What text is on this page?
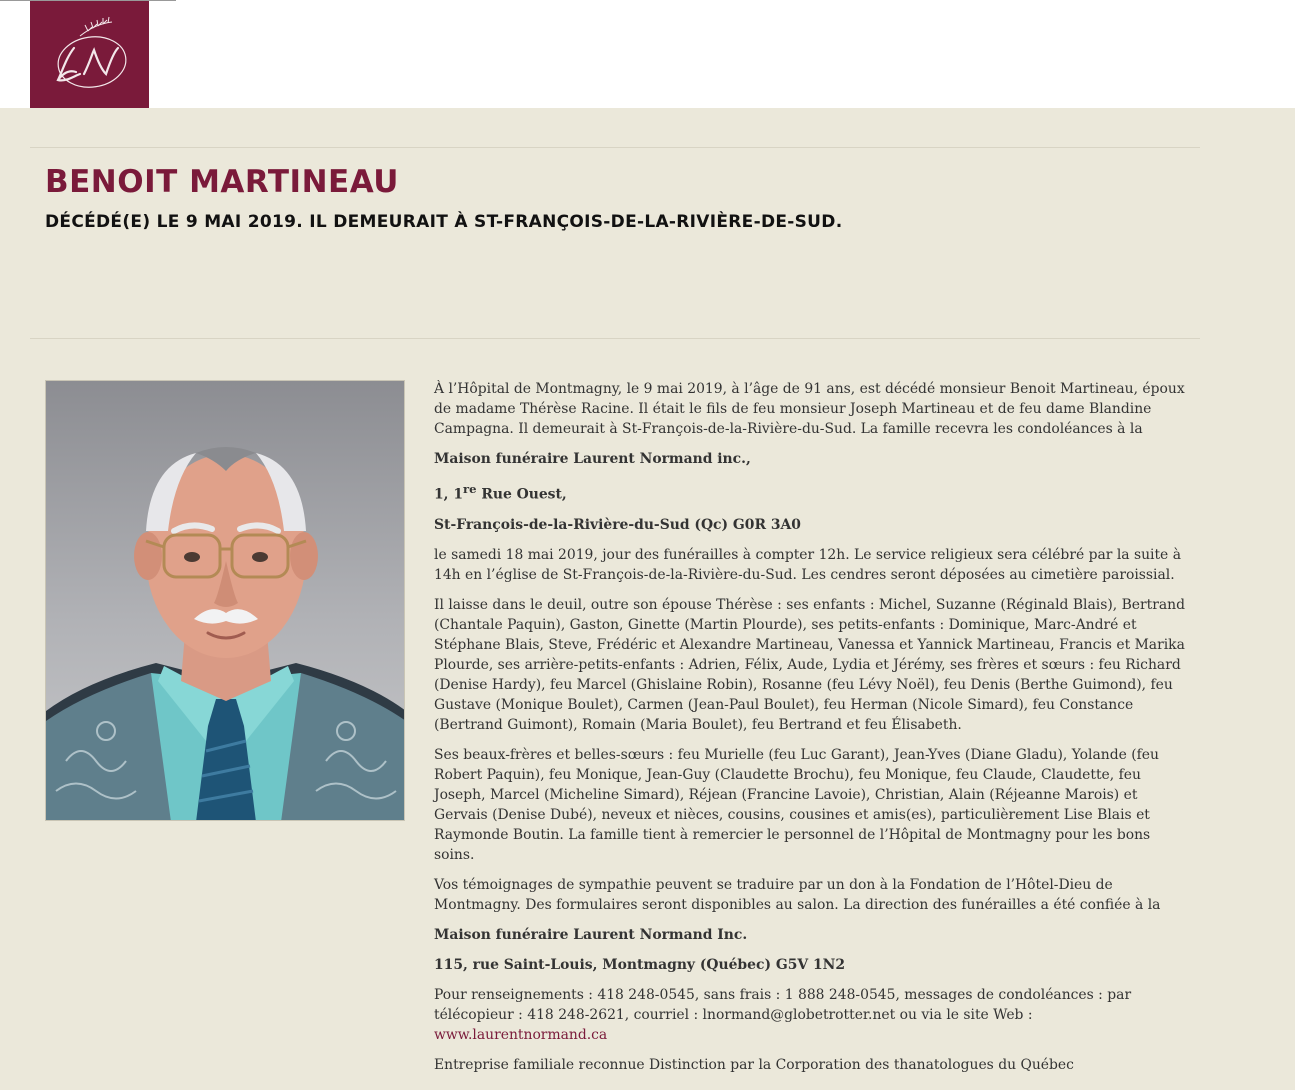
BENOIT MARTINEAU
DÉCÉDÉ(E) LE 9 MAI 2019. IL DEMEURAIT À ST-FRANÇOIS-DE-LA-RIVIÈRE-DE-SUD.

À l’Hôpital de Montmagny, le 9 mai 2019, à l’âge de 91 ans, est décédé monsieur Benoit Martineau, époux de madame Thérèse Racine. Il était le fils de feu monsieur Joseph Martineau et de feu dame Blandine Campagna. Il demeurait à St-François-de-la-Rivière-du-Sud. La famille recevra les condoléances à la

Maison funéraire Laurent Normand inc.,

1, 1re Rue Ouest,

St-François-de-la-Rivière-du-Sud (Qc) G0R 3A0

le samedi 18 mai 2019, jour des funérailles à compter 12h. Le service religieux sera célébré par la suite à 14h en l’église de St-François-de-la-Rivière-du-Sud. Les cendres seront déposées au cimetière paroissial.

Il laisse dans le deuil, outre son épouse Thérèse : ses enfants : Michel, Suzanne (Réginald Blais), Bertrand (Chantale Paquin), Gaston, Ginette (Martin Plourde), ses petits-enfants : Dominique, Marc-André et Stéphane Blais, Steve, Frédéric et Alexandre Martineau, Vanessa et Yannick Martineau, Francis et Marika Plourde, ses arrière-petits-enfants : Adrien, Félix, Aude, Lydia et Jérémy, ses frères et sœurs : feu Richard (Denise Hardy), feu Marcel (Ghislaine Robin), Rosanne (feu Lévy Noël), feu Denis (Berthe Guimond), feu Gustave (Monique Boulet), Carmen (Jean-Paul Boulet), feu Herman (Nicole Simard), feu Constance (Bertrand Guimont), Romain (Maria Boulet), feu Bertrand et feu Élisabeth.

Ses beaux-frères et belles-sœurs : feu Murielle (feu Luc Garant), Jean-Yves (Diane Gladu), Yolande (feu Robert Paquin), feu Monique, Jean-Guy (Claudette Brochu), feu Monique, feu Claude, Claudette, feu Joseph, Marcel (Micheline Simard), Réjean (Francine Lavoie), Christian, Alain (Réjeanne Marois) et Gervais (Denise Dubé), neveux et nièces, cousins, cousines et amis(es), particulièrement Lise Blais et Raymonde Boutin. La famille tient à remercier le personnel de l’Hôpital de Montmagny pour les bons soins.

Vos témoignages de sympathie peuvent se traduire par un don à la Fondation de l’Hôtel-Dieu de Montmagny. Des formulaires seront disponibles au salon. La direction des funérailles a été confiée à la

Maison funéraire Laurent Normand Inc.

115, rue Saint-Louis, Montmagny (Québec) G5V 1N2

Pour renseignements : 418 248-0545, sans frais : 1 888 248-0545, messages de condoléances : par télécopieur : 418 248-2621, courriel : lnormand@globetrotter.net ou via le site Web :
www.laurentnormand.ca

Entreprise familiale reconnue Distinction par la Corporation des thanatologues du Québec
